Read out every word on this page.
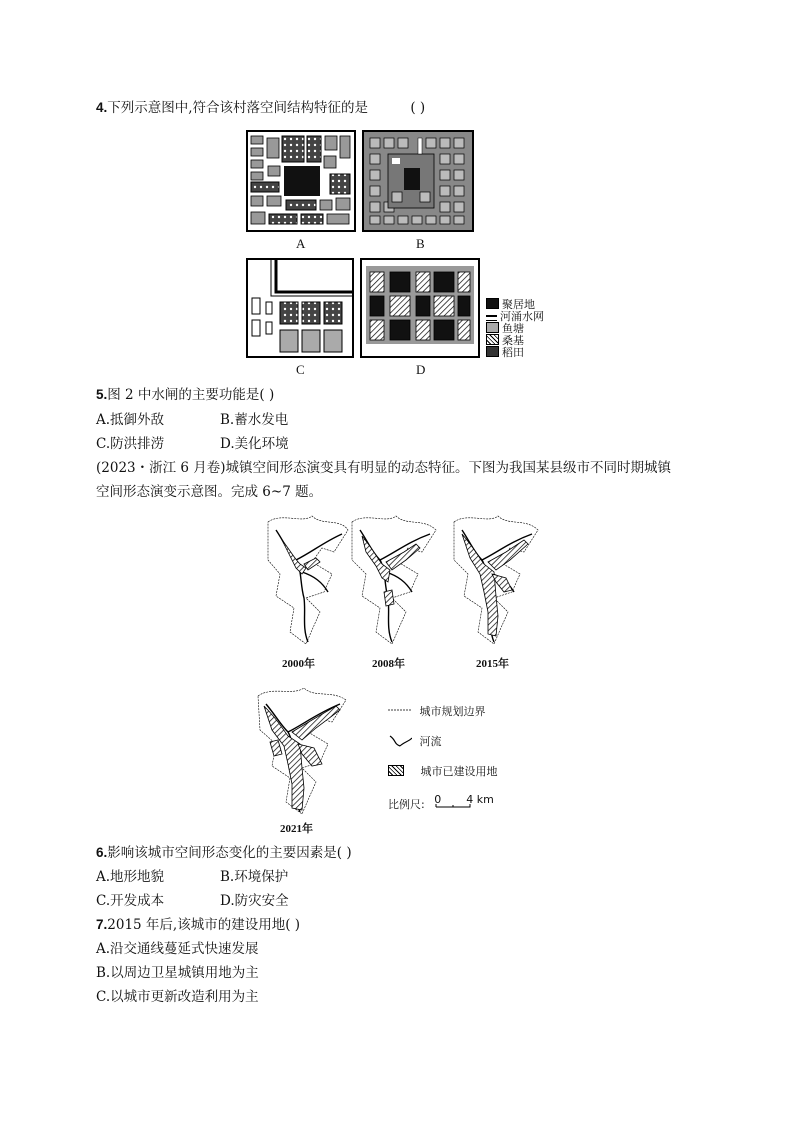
4.下列示意图中,符合该村落空间结构特征的是	( )
A	B
C	D
聚居地
河涌水网
鱼塘
桑基
稻田
5.图 2 中水闸的主要功能是( )
A.抵御外敌	B.蓄水发电
C.防洪排涝	D.美化环境
(2023・浙江 6 月卷)城镇空间形态演变具有明显的动态特征。下图为我国某县级市不同时期城镇
空间形态演变示意图。完成 6~7 题。
2000年	2008年	2015年
2021年
城市规划边界
河流
城市已建设用地
比例尺: 0 4 km
6.影响该城市空间形态变化的主要因素是( )
A.地形地貌	B.环境保护
C.开发成本	D.防灾安全
7.2015 年后,该城市的建设用地( )
A.沿交通线蔓延式快速发展
B.以周边卫星城镇用地为主
C.以城市更新改造利用为主
